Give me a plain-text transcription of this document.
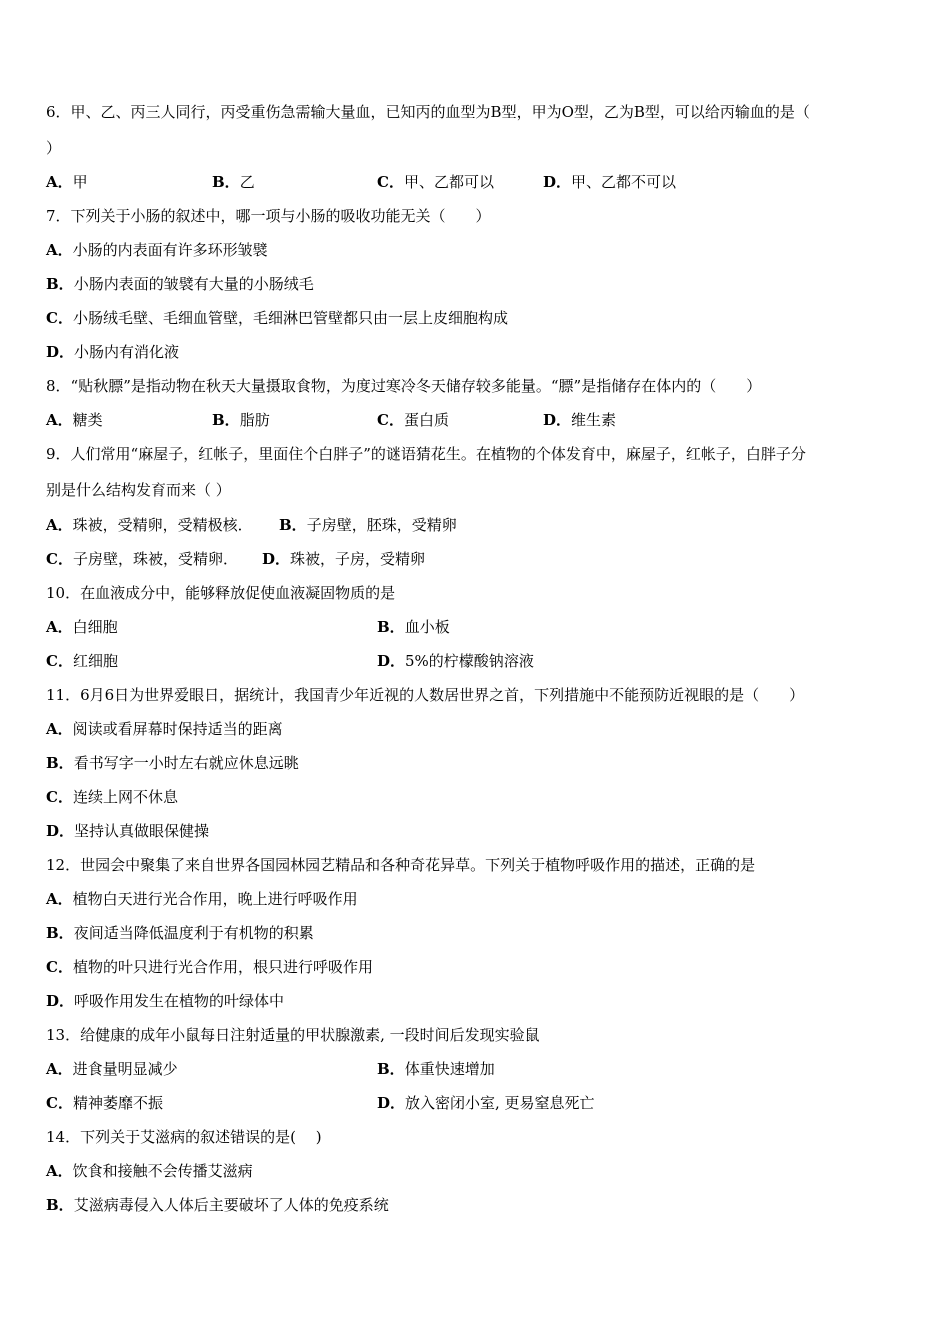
6．甲、乙、丙三人同行，丙受重伤急需输大量血，已知丙的血型为B型，甲为O型，乙为B型，可以给丙输血的是（
）
A．甲	B．乙	C．甲、乙都可以	D．甲、乙都不可以
7．下列关于小肠的叙述中，哪一项与小肠的吸收功能无关（　　）
A．小肠的内表面有许多环形皱襞
B．小肠内表面的皱襞有大量的小肠绒毛
C．小肠绒毛壁、毛细血管壁，毛细淋巴管壁都只由一层上皮细胞构成
D．小肠内有消化液
8．“贴秋膘”是指动物在秋天大量摄取食物，为度过寒冷冬天储存较多能量。“膘”是指储存在体内的（　　）
A．糖类	B．脂肪	C．蛋白质	D．维生素
9．人们常用“麻屋子，红帐子，里面住个白胖子”的谜语猜花生。在植物的个体发育中，麻屋子，红帐子，白胖子分
别是什么结构发育而来（ ）
A．珠被，受精卵，受精极核． B．子房壁，胚珠，受精卵
C．子房壁，珠被，受精卵． D．珠被，子房，受精卵
10．在血液成分中，能够释放促使血液凝固物质的是
A．白细胞	B．血小板
C．红细胞	D．5%的柠檬酸钠溶液
11．6月6日为世界爱眼日，据统计，我国青少年近视的人数居世界之首，下列措施中不能预防近视眼的是（　　）
A．阅读或看屏幕时保持适当的距离
B．看书写字一小时左右就应休息远眺
C．连续上网不休息
D．坚持认真做眼保健操
12．世园会中聚集了来自世界各国园林园艺精品和各种奇花异草。下列关于植物呼吸作用的描述，正确的是
A．植物白天进行光合作用，晚上进行呼吸作用
B．夜间适当降低温度利于有机物的积累
C．植物的叶只进行光合作用，根只进行呼吸作用
D．呼吸作用发生在植物的叶绿体中
13．给健康的成年小鼠每日注射适量的甲状腺激素, 一段时间后发现实验鼠
A．进食量明显减少	B．体重快速增加
C．精神萎靡不振	D．放入密闭小室, 更易窒息死亡
14．下列关于艾滋病的叙述错误的是(　 )
A．饮食和接触不会传播艾滋病
B．艾滋病毒侵入人体后主要破坏了人体的免疫系统
